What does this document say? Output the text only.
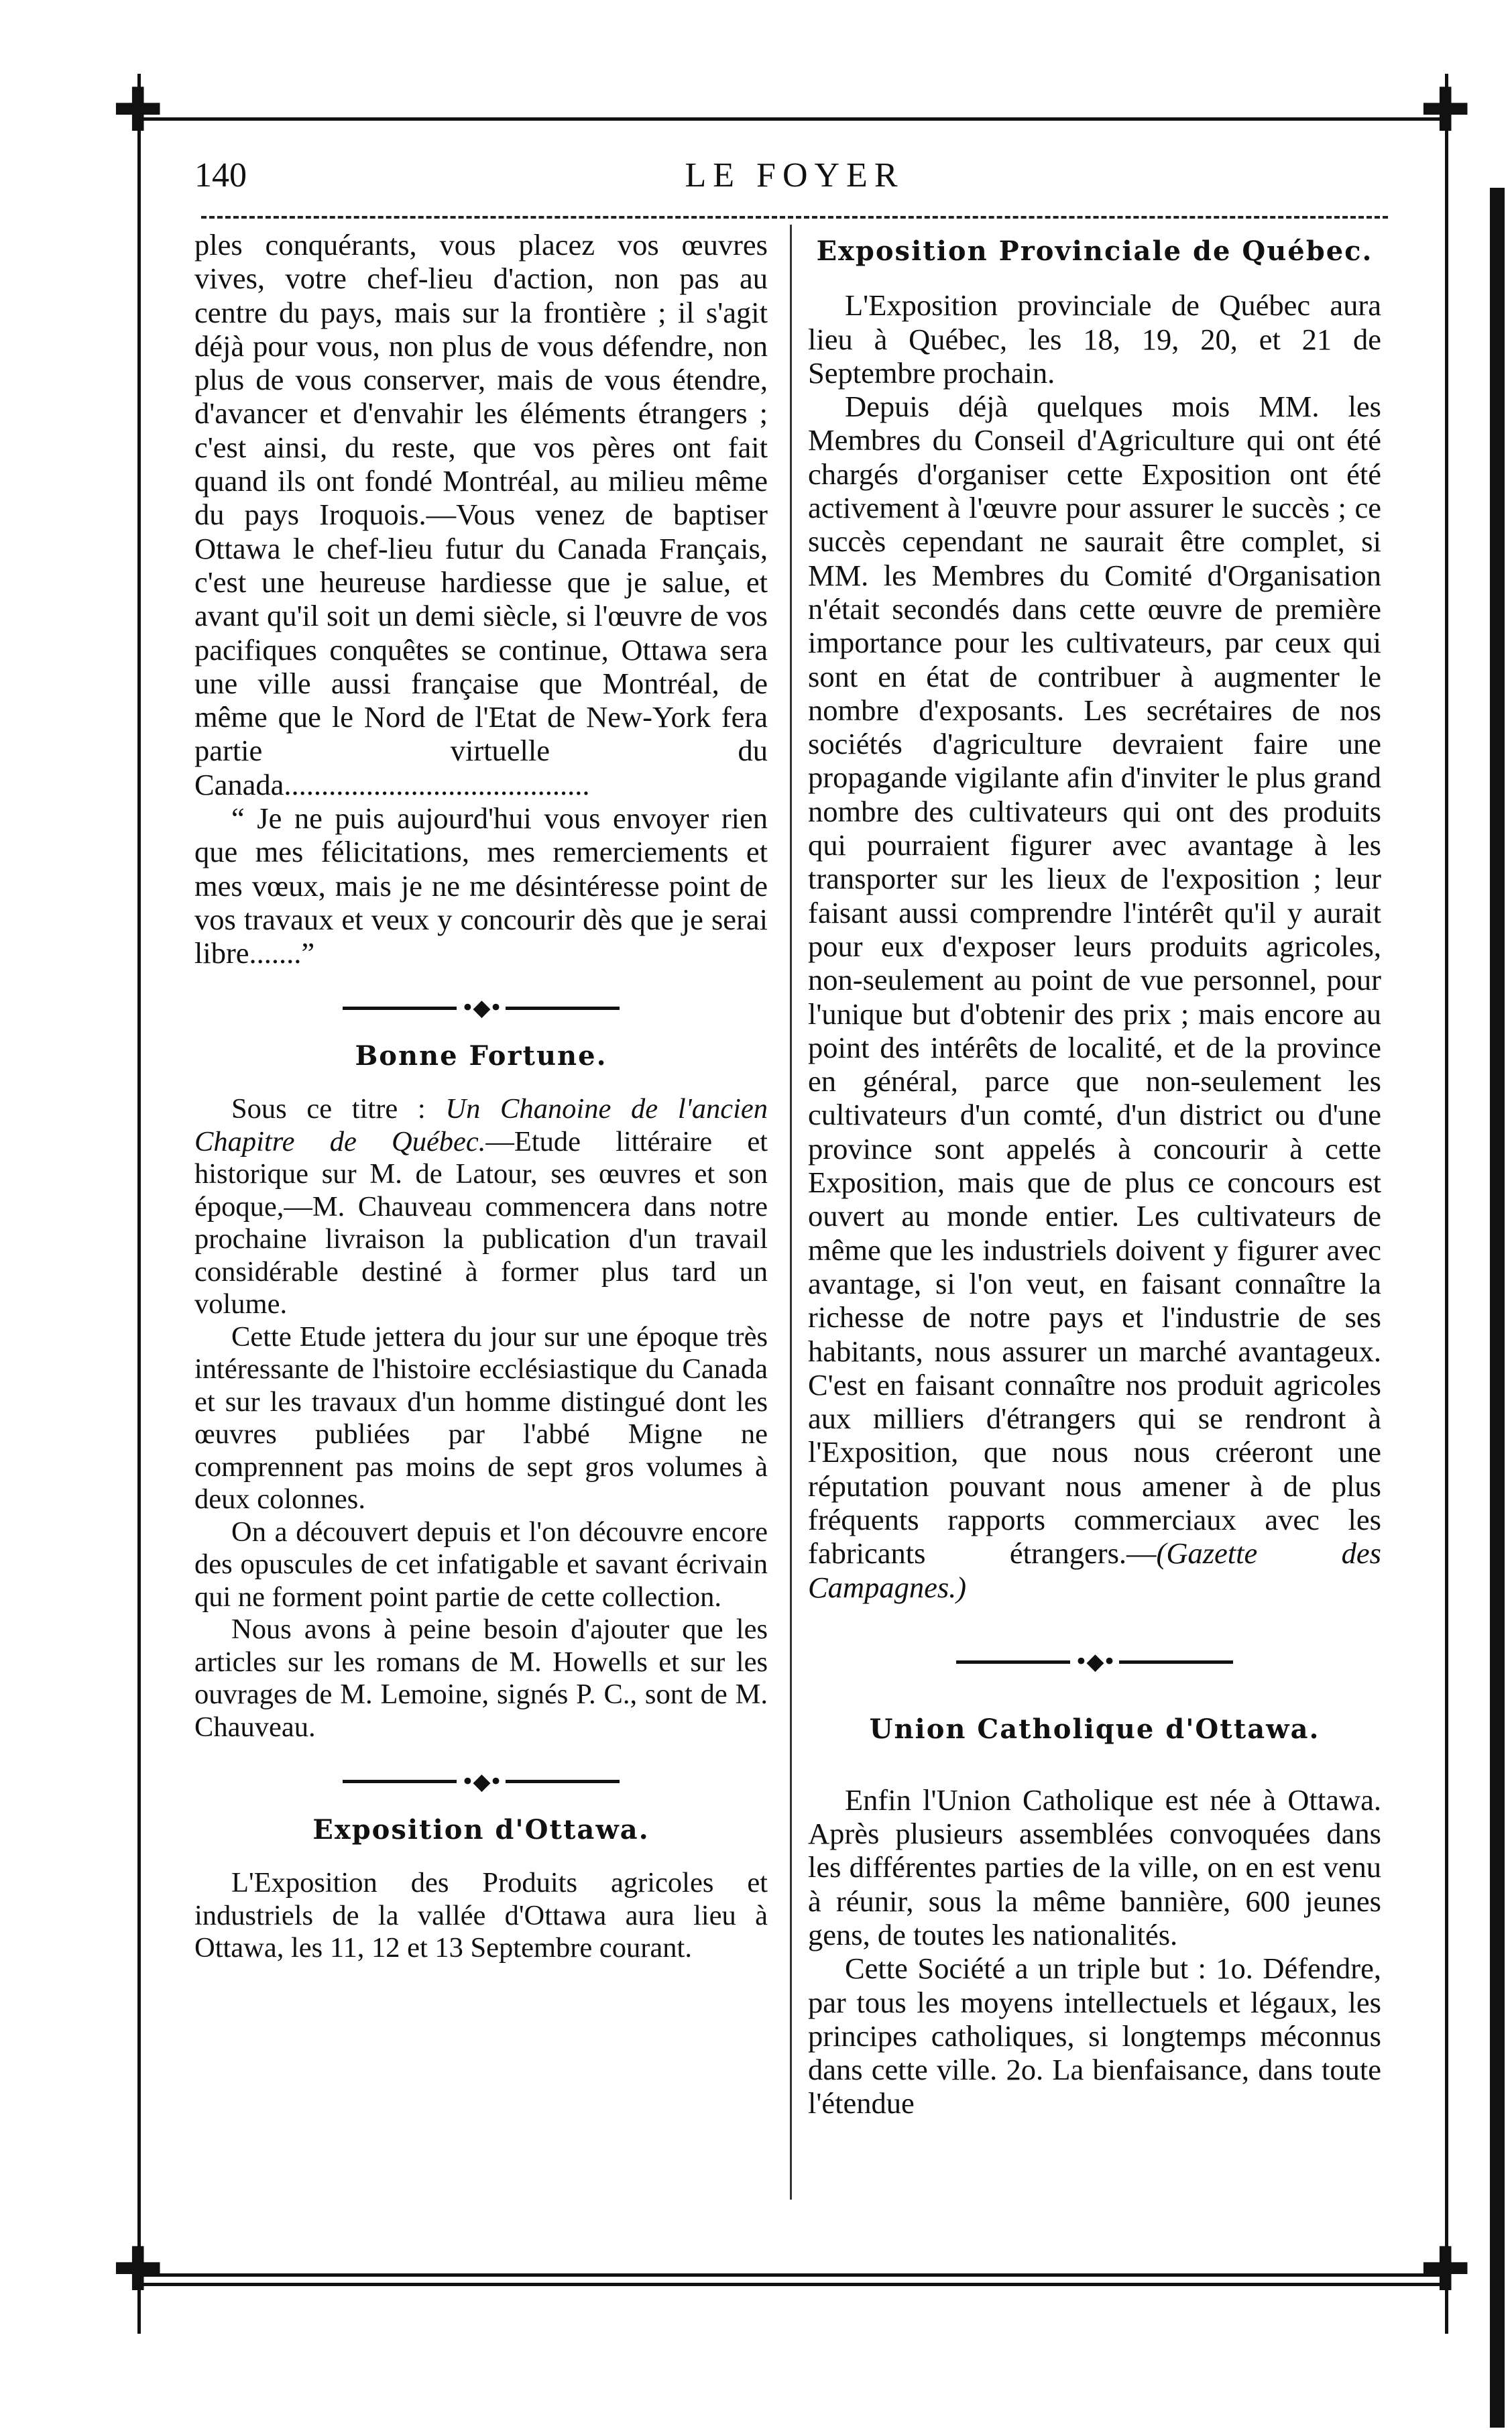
✚	✚
✚	✚
140	LE FOYER

ples conquérants, vous placez vos œuvres vives, votre chef-lieu d'action, non pas au centre du pays, mais sur la frontière ; il s'agit déjà pour vous, non plus de vous défendre, non plus de vous conserver, mais de vous étendre, d'avancer et d'envahir les éléments étrangers ; c'est ainsi, du reste, que vos pères ont fait quand ils ont fondé Montréal, au milieu même du pays Iroquois.—Vous venez de baptiser Ottawa le chef-lieu futur du Canada Français, c'est une heureuse hardiesse que je salue, et avant qu'il soit un demi siècle, si l'œuvre de vos pacifiques conquêtes se continue, Ottawa sera une ville aussi française que Montréal, de même que le Nord de l'Etat de New-York fera partie virtuelle du Canada.........................................

“ Je ne puis aujourd'hui vous envoyer rien que mes félicitations, mes remerciements et mes vœux, mais je ne me désintéresse point de vos travaux et veux y concourir dès que je serai libre.......”

•◆•
Bonne Fortune.

Sous ce titre : Un Chanoine de l'ancien Chapitre de Québec.—Etude littéraire et historique sur M. de Latour, ses œuvres et son époque,—M. Chauveau commencera dans notre prochaine livraison la publication d'un travail considérable destiné à former plus tard un volume.

Cette Etude jettera du jour sur une époque très intéressante de l'histoire ecclésiastique du Canada et sur les travaux d'un homme distingué dont les œuvres publiées par l'abbé Migne ne comprennent pas moins de sept gros volumes à deux colonnes.

On a découvert depuis et l'on découvre encore des opuscules de cet infatigable et savant écrivain qui ne forment point partie de cette collection.

Nous avons à peine besoin d'ajouter que les articles sur les romans de M. Howells et sur les ouvrages de M. Lemoine, signés P. C., sont de M. Chauveau.

•◆•
Exposition d'Ottawa.

L'Exposition des Produits agricoles et industriels de la vallée d'Ottawa aura lieu à Ottawa, les 11, 12 et 13 Septembre courant.

Exposition Provinciale de Québec.

L'Exposition provinciale de Québec aura lieu à Québec, les 18, 19, 20, et 21 de Septembre prochain.

Depuis déjà quelques mois MM. les Membres du Conseil d'Agriculture qui ont été chargés d'organiser cette Exposition ont été activement à l'œuvre pour assurer le succès ; ce succès cependant ne saurait être complet, si MM. les Membres du Comité d'Organisation n'était secondés dans cette œuvre de première importance pour les cultivateurs, par ceux qui sont en état de contribuer à augmenter le nombre d'exposants. Les secrétaires de nos sociétés d'agriculture devraient faire une propagande vigilante afin d'inviter le plus grand nombre des cultivateurs qui ont des produits qui pourraient figurer avec avantage à les transporter sur les lieux de l'exposition ; leur faisant aussi comprendre l'intérêt qu'il y aurait pour eux d'exposer leurs produits agricoles, non-seulement au point de vue personnel, pour l'unique but d'obtenir des prix ; mais encore au point des intérêts de localité, et de la province en général, parce que non-seulement les cultivateurs d'un comté, d'un district ou d'une province sont appelés à concourir à cette Exposition, mais que de plus ce concours est ouvert au monde entier. Les cultivateurs de même que les industriels doivent y figurer avec avantage, si l'on veut, en faisant connaître la richesse de notre pays et l'industrie de ses habitants, nous assurer un marché avantageux. C'est en faisant connaître nos produit agricoles aux milliers d'étrangers qui se rendront à l'Exposition, que nous nous créeront une réputation pouvant nous amener à de plus fréquents rapports commerciaux avec les fabricants étrangers.—(Gazette des Campagnes.)

•◆•
Union Catholique d'Ottawa.

Enfin l'Union Catholique est née à Ottawa. Après plusieurs assemblées convoquées dans les différentes parties de la ville, on en est venu à réunir, sous la même bannière, 600 jeunes gens, de toutes les nationalités.

Cette Société a un triple but : 1o. Défendre, par tous les moyens intellectuels et légaux, les principes catholiques, si longtemps méconnus dans cette ville. 2o. La bienfaisance, dans toute l'étendue
